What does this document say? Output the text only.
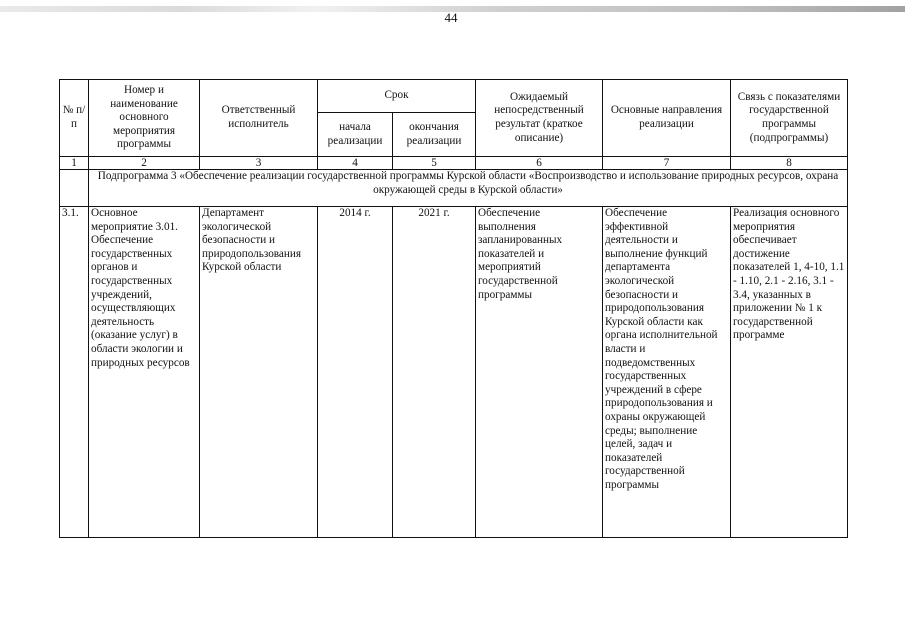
44
№ п/п	Номер и наименование основного мероприятия программы	Ответственный исполнитель	Срок		Ожидаемый непосредственный результат (краткое описание)	Основные направления реализации	Связь с показателями государственной программы (подпрограммы)
			начала реализации	окончания реализации			
1	2	3	4	5	6	7	8
	Подпрограмма 3 «Обеспечение реализации государственной программы Курской области «Воспроизводство и использование природных ресурсов, охрана окружающей среды в Курской области»						
3.1.	Основное мероприятие 3.01. Обеспечение государственных органов и государственных учреждений, осуществляющих деятельность (оказание услуг) в области экологии и природных ресурсов	Департамент экологической безопасности и природопользования Курской области	2014 г.	2021 г.	Обеспечение выполнения запланированных показателей и мероприятий государственной программы	Обеспечение эффективной деятельности и выполнение функций департамента экологической безопасности и природопользования Курской области как органа исполнительной власти и подведомственных государственных учреждений в сфере природопользования и охраны окружающей среды; выполнение целей, задач и показателей государственной программы	Реализация основного мероприятия обеспечивает достижение показателей 1, 4-10, 1.1 - 1.10, 2.1 - 2.16, 3.1 - 3.4, указанных в приложении № 1 к государственной программе
